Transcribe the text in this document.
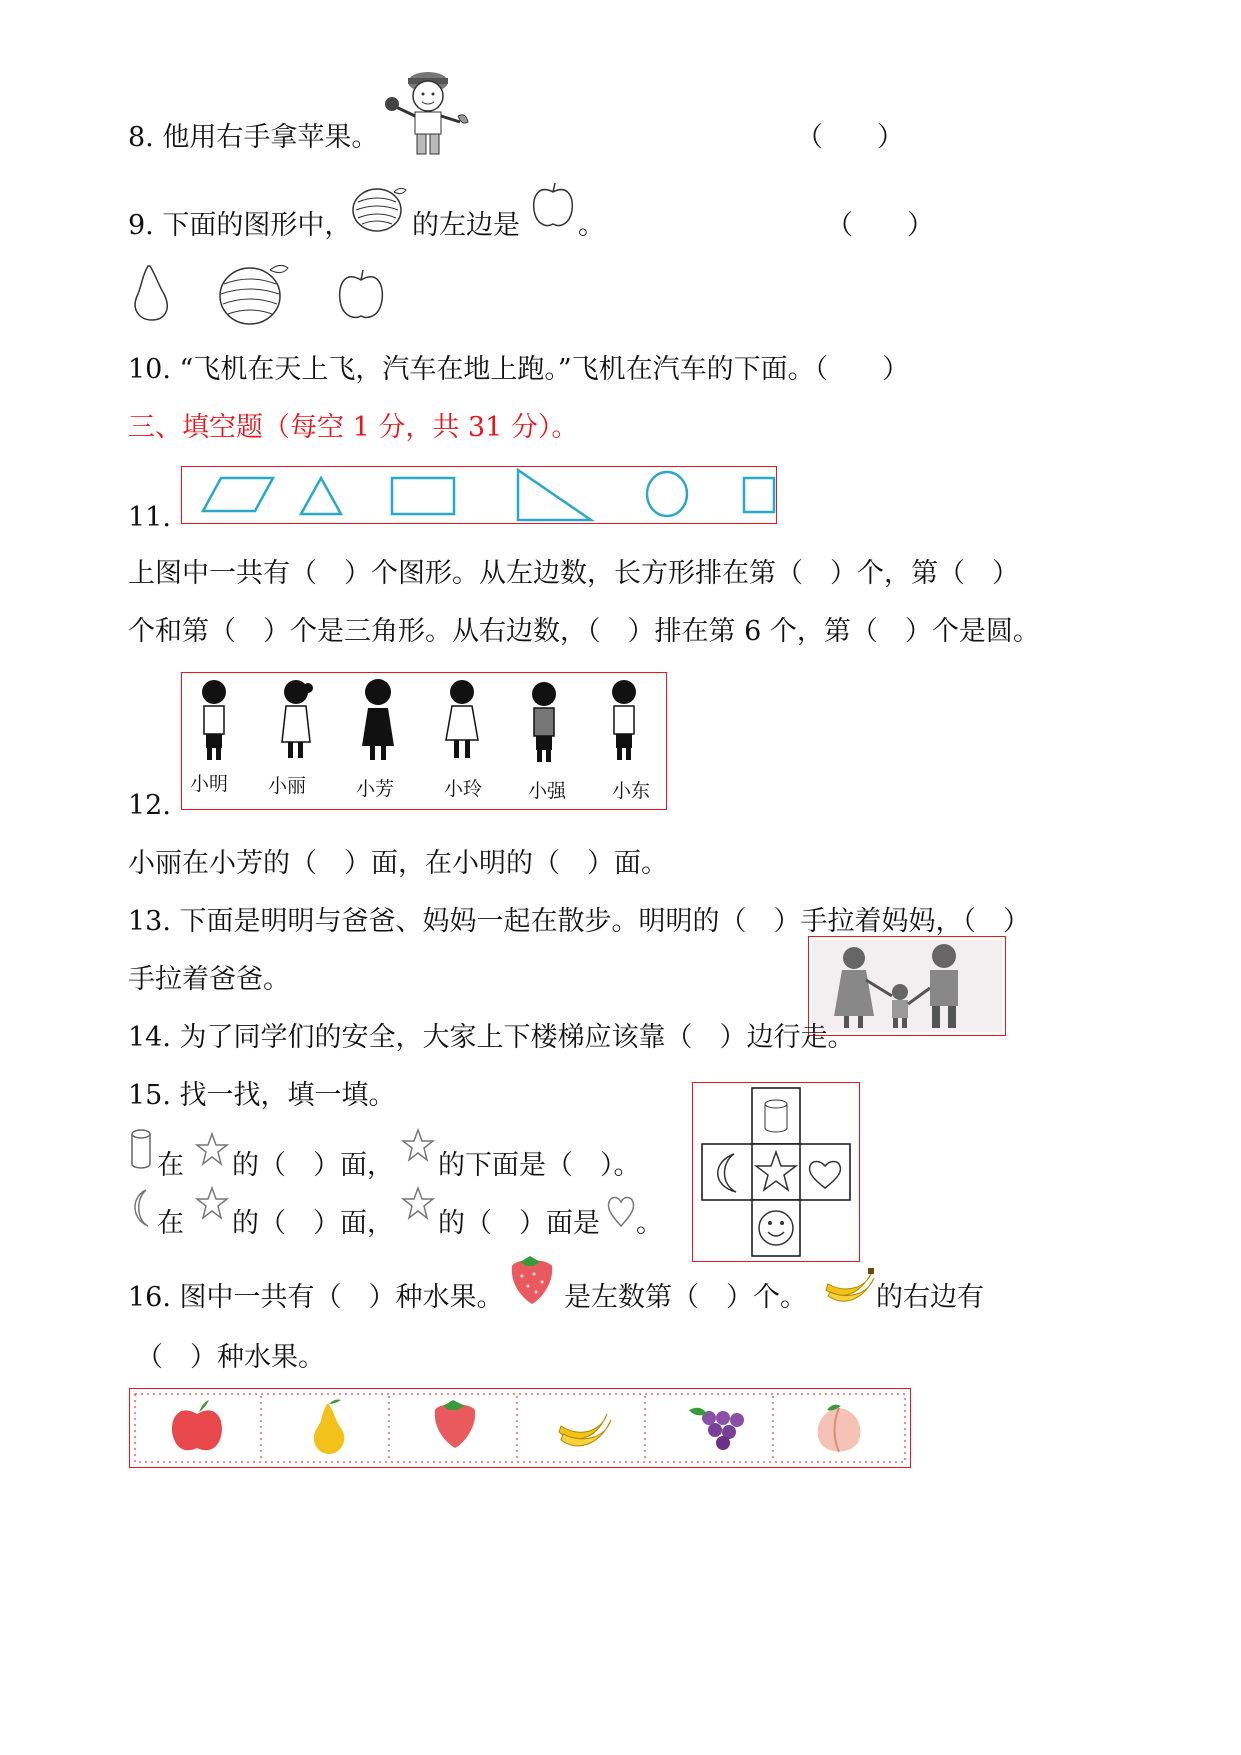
8. 他用右手拿苹果。	（　　）
9. 下面的图形中， 的左边是 。	（　　）
10. “飞机在天上飞，汽车在地上跑。”飞机在汽车的下面。（　　）
三、填空题（每空 1 分，共 31 分）。
11.
上图中一共有（　）个图形。从左边数，长方形排在第（　）个，第（　）
个和第（　）个是三角形。从右边数，（　）排在第 6 个，第（　）个是圆。
12.
小明 小丽	小芳	小玲 小强 小东
小丽在小芳的（　）面，在小明的（　）面。
13. 下面是明明与爸爸、妈妈一起在散步。明明的（　）手拉着妈妈，（　）
手拉着爸爸。
14. 为了同学们的安全，大家上下楼梯应该靠（　）边行走。
15. 找一找，填一填。
在 的（　）面， 的下面是（　）。
在 的（　）面， 的（　）面是 。
16. 图中一共有（　）种水果。 是左数第（　）个。	的右边有
（　）种水果。
